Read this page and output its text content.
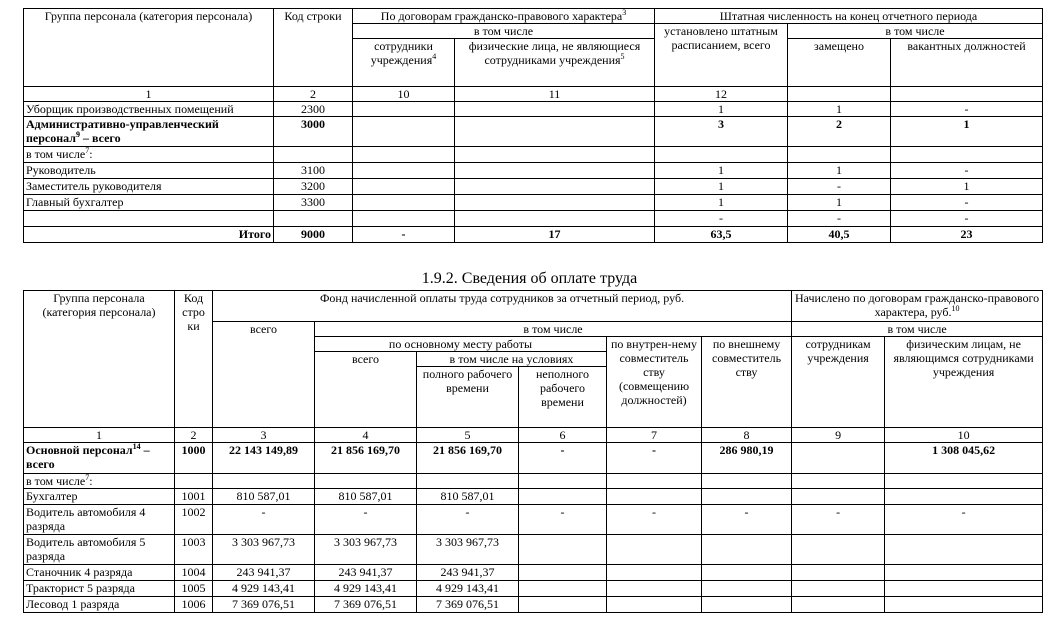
Группа персонала (категория персонала)	Код строки	По договорам гражданско-правового характера$^3$		Штатная численность на конец отчетного периода		
		в том числе		установлено штатным расписанием, всего	в том числе	
		сотрудники учреждения$^4$	физические лица, не являющиеся сотрудниками учреждения$^5$		замещено	вакантных должностей
1	2	10	11	12		
Уборщик производственных помещений	2300			1	1	-
Административно-управленческий персонал$^9$ – всего	3000			3	2	1
в том числе$^7$:						
Руководитель	3100			1	1	-
Заместитель руководителя	3200			1	-	1
Главный бухгалтер	3300			1	1	-
				-	-	-
Итого	9000	-	17	63,5	40,5	23
1.9.2. Сведения об оплате труда
Группа персонала (категория персонала)	Код стро ки	Фонд начисленной оплаты труда сотрудников за отчетный период, руб.						Начислено по договорам гражданско-правового характера, руб.$^{10}$
		всего	в том числе					в том числе	
			по основному месту работы			по внутрен-нему совместитель ству (совмещению должностей)	по внешнему совместитель ству	сотрудникам учреждения	физическим лицам, не являющимся сотрудниками учреждения
			всего	в том числе на условиях					
				полного рабочего времени	неполного рабочего времени				
1	2	3	4	5	6	7	8	9	10
Основной персонал$^{14}$ – всего	1000	22 143 149,89	21 856 169,70	21 856 169,70	-	-	286 980,19		1 308 045,62
в том числе$^7$:									
Бухгалтер	1001	810 587,01	810 587,01	810 587,01					
Водитель автомобиля 4 разряда	1002	-	-	-	-	-	-	-	-
Водитель автомобиля 5 разряда	1003	3 303 967,73	3 303 967,73	3 303 967,73					
Станочник 4 разряда	1004	243 941,37	243 941,37	243 941,37					
Тракторист 5 разряда	1005	4 929 143,41	4 929 143,41	4 929 143,41					
Лесовод 1 разряда	1006	7 369 076,51	7 369 076,51	7 369 076,51					
